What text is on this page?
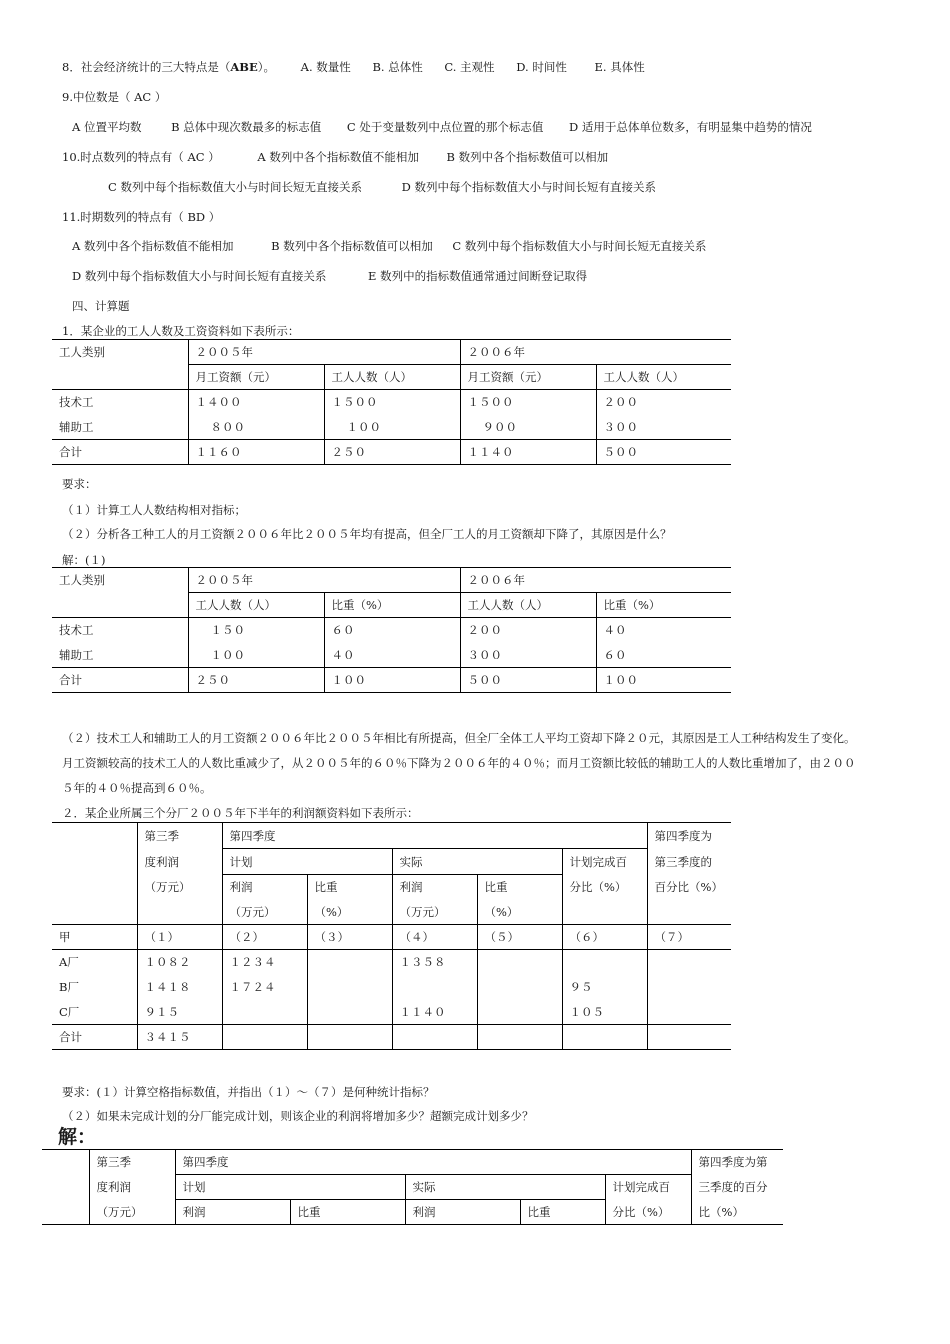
8．社会经济统计的三大特点是（ABE）。 A. 数量性 B. 总体性 C. 主观性 D. 时间性 E. 具体性
9.中位数是（ AC ）
A 位置平均数	B 总体中现次数最多的标志值 C 处于变量数列中点位置的那个标志值 D 适用于总体单位数多，有明显集中趋势的情况
10.时点数列的特点有（ AC ）	A 数列中各个指标数值不能相加 B 数列中各个指标数值可以相加
C 数列中每个指标数值大小与时间长短无直接关系	D 数列中每个指标数值大小与时间长短有直接关系
11.时期数列的特点有（ BD ）
A 数列中各个指标数值不能相加	B 数列中各个指标数值可以相加 C 数列中每个指标数值大小与时间长短无直接关系
D 数列中每个指标数值大小与时间长短有直接关系	E 数列中的指标数值通常通过间断登记取得
四、计算题
1．某企业的工人人数及工资资料如下表所示：
工人类别	２００５年		２００６年	
	月工资额（元）	工人人数（人）	月工资额（元）	工人人数（人）
技术工	１４００	１５００	１５００	２００
辅助工	８００	１００	９００	３００
合计	１１６０	２５０	１１４０	５００
要求：
（１）计算工人人数结构相对指标；
（２）分析各工种工人的月工资额２００６年比２００５年均有提高，但全厂工人的月工资额却下降了，其原因是什么？
解：(１)
工人类别	２００５年		２００６年	
	工人人数（人）	比重（%）	工人人数（人）	比重（%）
技术工	１５０	６０	２００	４０
辅助工	１００	４０	３００	６０
合计	２５０	１００	５００	１００
（２）技术工人和辅助工人的月工资额２００６年比２００５年相比有所提高，但全厂全体工人平均工资却下降２０元，其原因是工人工种结构发生了变化。
月工资额较高的技术工人的人数比重减少了，从２００５年的６０％下降为２００６年的４０％；而月工资额比较低的辅助工人的人数比重增加了，由２００
５年的４０％提高到６０％。
２．某企业所属三个分厂２００５年下半年的利润额资料如下表所示：
	第三季	第四季度					第四季度为
	度利润	计划		实际		计划完成百	第三季度的
	（万元）	利润	比重	利润	比重	分比（%）	百分比（%）
		（万元）	（%）	（万元）	（%）		
甲	（１）	（２）	（３）	（４）	（５）	（６）	（７）
A厂	１０８２	１２３４		１３５８			
B厂	１４１８	１７２４				９５	
C厂	９１５			１１４０		１０５	
合计	３４１５						
要求：(１）计算空格指标数值，并指出（１）～（７）是何种统计指标？
（２）如果未完成计划的分厂能完成计划，则该企业的利润将增加多少？超额完成计划多少？
解：
	第三季	第四季度					第四季度为第
	度利润	计划		实际		计划完成百	三季度的百分
	（万元）	利润	比重	利润	比重	分比（%）	比（%）
